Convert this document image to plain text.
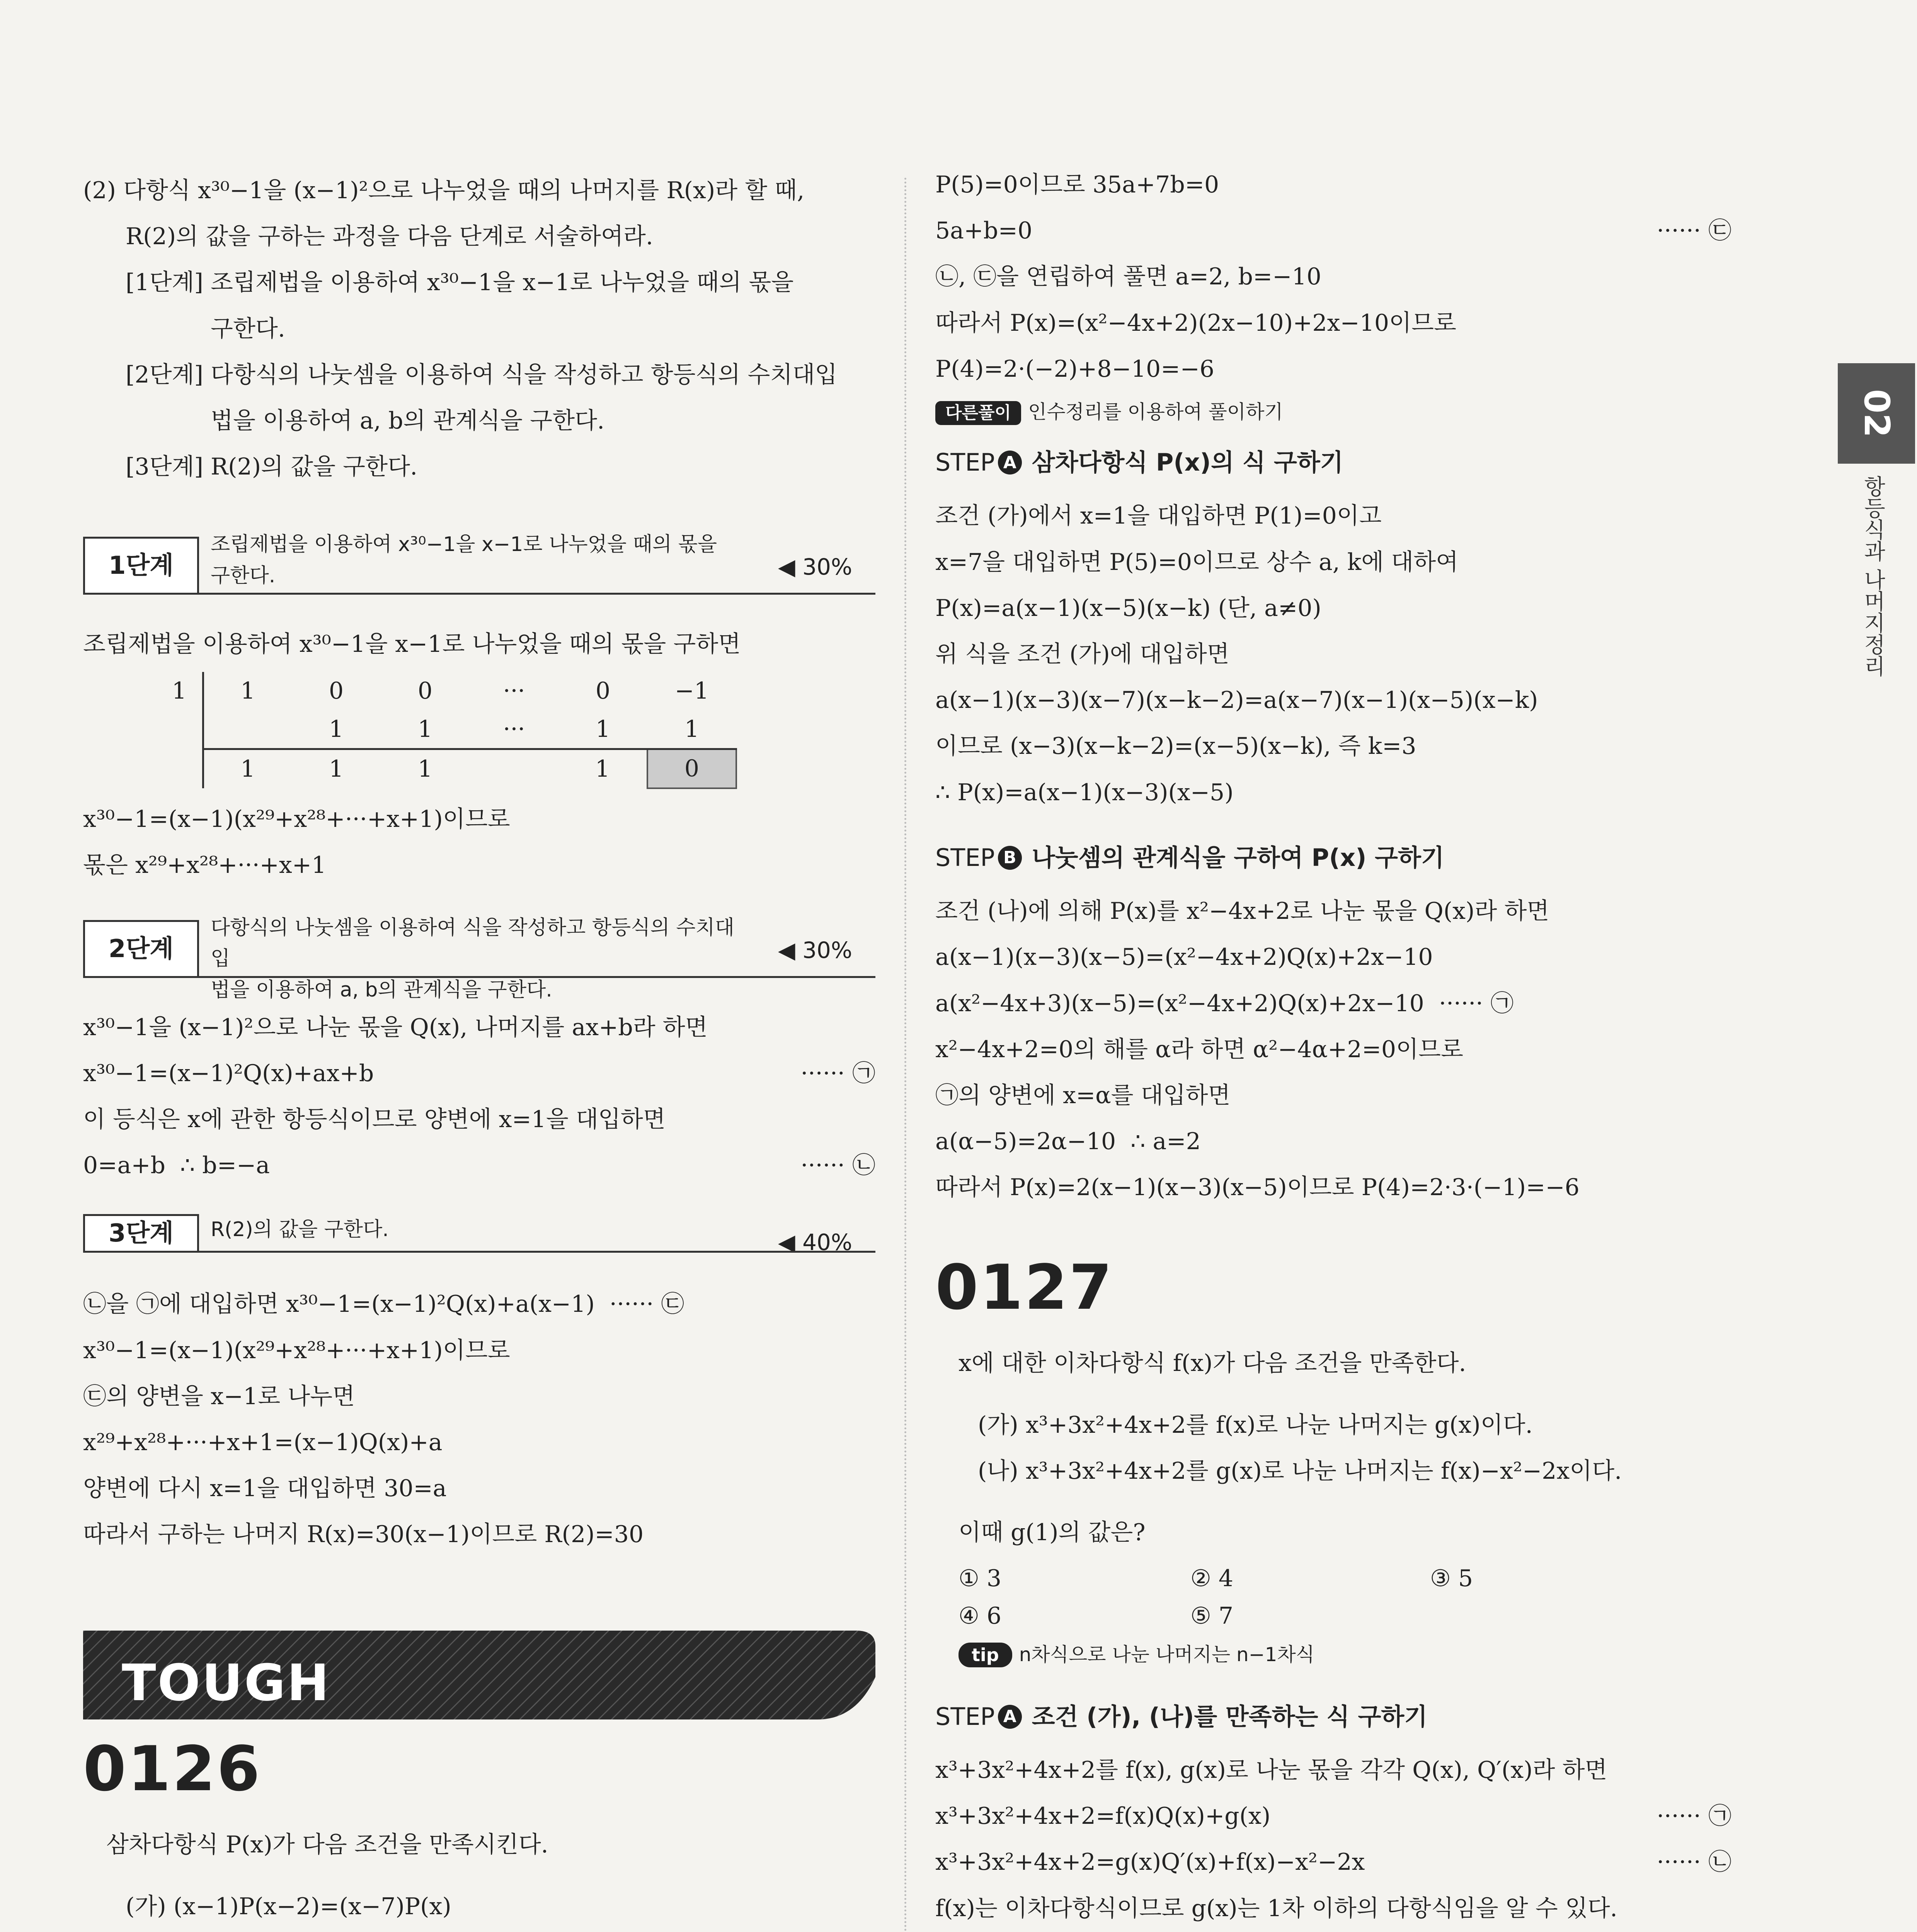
(2) 다항식 x³⁰−1을 (x−1)²으로 나누었을 때의 나머지를 R(x)라 할 때,
R(2)의 값을 구하는 과정을 다음 단계로 서술하여라.
[1단계] 조립제법을 이용하여 x³⁰−1을 x−1로 나누었을 때의 몫을
구한다.
[2단계] 다항식의 나눗셈을 이용하여 식을 작성하고 항등식의 수치대입
법을 이용하여 a, b의 관계식을 구한다.
[3단계] R(2)의 값을 구한다.
1단계
조립제법을 이용하여 x³⁰−1을 x−1로 나누었을 때의 몫을
구한다.	◀ 30%
조립제법을 이용하여 x³⁰−1을 x−1로 나누었을 때의 몫을 구하면
1	1	0	0	···	0	−1
		1	1	···	1	1
	1	1	1		1	0
x³⁰−1=(x−1)(x²⁹+x²⁸+···+x+1)이므로
몫은 x²⁹+x²⁸+···+x+1
2단계
다항식의 나눗셈을 이용하여 식을 작성하고 항등식의 수치대입
법을 이용하여 a, b의 관계식을 구한다.
◀ 30%
x³⁰−1을 (x−1)²으로 나눈 몫을 Q(x), 나머지를 ax+b라 하면
x³⁰−1=(x−1)²Q(x)+ax+b	······ ㉠
이 등식은 x에 관한 항등식이므로 양변에 x=1을 대입하면
0=a+b  ∴ b=−a	······ ㉡
3단계	R(2)의 값을 구한다.	◀ 40%
㉡을 ㉠에 대입하면 x³⁰−1=(x−1)²Q(x)+a(x−1)  ······ ㉢
x³⁰−1=(x−1)(x²⁹+x²⁸+···+x+1)이므로
㉢의 양변을 x−1로 나누면
x²⁹+x²⁸+···+x+1=(x−1)Q(x)+a
양변에 다시 x=1을 대입하면 30=a
따라서 구하는 나머지 R(x)=30(x−1)이므로 R(2)=30
TOUGH
0126
삼차다항식 P(x)가 다음 조건을 만족시킨다.
(가) (x−1)P(x−2)=(x−7)P(x)
P(5)=0이므로 35a+7b=0
5a+b=0	······ ㉢
㉡, ㉢을 연립하여 풀면 a=2, b=−10
따라서 P(x)=(x²−4x+2)(2x−10)+2x−10이므로
P(4)=2·(−2)+8−10=−6
다른풀이 인수정리를 이용하여 풀이하기
STEP A 삼차다항식 P(x)의 식 구하기
조건 (가)에서 x=1을 대입하면 P(1)=0이고
x=7을 대입하면 P(5)=0이므로 상수 a, k에 대하여
P(x)=a(x−1)(x−5)(x−k) (단, a≠0)
위 식을 조건 (가)에 대입하면
a(x−1)(x−3)(x−7)(x−k−2)=a(x−7)(x−1)(x−5)(x−k)
이므로 (x−3)(x−k−2)=(x−5)(x−k), 즉 k=3
∴ P(x)=a(x−1)(x−3)(x−5)
STEP B 나눗셈의 관계식을 구하여 P(x) 구하기
조건 (나)에 의해 P(x)를 x²−4x+2로 나눈 몫을 Q(x)라 하면
a(x−1)(x−3)(x−5)=(x²−4x+2)Q(x)+2x−10
a(x²−4x+3)(x−5)=(x²−4x+2)Q(x)+2x−10  ······ ㉠
x²−4x+2=0의 해를 α라 하면 α²−4α+2=0이므로
㉠의 양변에 x=α를 대입하면
a(α−5)=2α−10  ∴ a=2
따라서 P(x)=2(x−1)(x−3)(x−5)이므로 P(4)=2·3·(−1)=−6
0127
x에 대한 이차다항식 f(x)가 다음 조건을 만족한다.
(가) x³+3x²+4x+2를 f(x)로 나눈 나머지는 g(x)이다.
(나) x³+3x²+4x+2를 g(x)로 나눈 나머지는 f(x)−x²−2x이다.
이때 g(1)의 값은?
① 3	② 4	③ 5
④ 6	⑤ 7
tip n차식으로 나눈 나머지는 n−1차식
STEP A 조건 (가), (나)를 만족하는 식 구하기
x³+3x²+4x+2를 f(x), g(x)로 나눈 몫을 각각 Q(x), Q′(x)라 하면
x³+3x²+4x+2=f(x)Q(x)+g(x)	······ ㉠
x³+3x²+4x+2=g(x)Q′(x)+f(x)−x²−2x	······ ㉡
f(x)는 이차다항식이므로 g(x)는 1차 이하의 다항식임을 알 수 있다.
02
항등식과 나머지정리
